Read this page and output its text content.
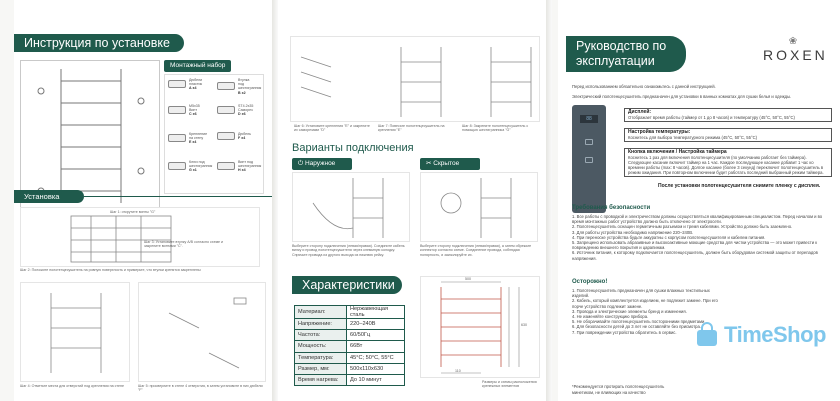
Инструкция по установке
Монтажный набор
Дюбели пластик
A x4
Втулка под шестигранник
B x2
M5x35 Винт
C x6
ST4.2x35 Саморез
D x6
Крепление на стену
E x4
Дюбель
F x4
Ключ под шестигранник
G x1
Винт под шестигранник
H x4
Установка
Шаг 1: открутите винты "G"
Шаг 3: Установите втулку A/B согласно схеме и закрепите винтами "C".
Шаг 2: Положите полотенцесушитель на ровную поверхность и примерьте, что втулки крепятся закреплены
Шаг 4: Отметьте места для отверстий под крепления на стене	Шаг 5: просверлите в стене 4 отверстия, в затем установите в них дюбели "F"
Шаг 6: Установите крепления "E" и закрепите их саморезами "D"
Шаг 7: Повесьте полотенцесушитель на крепления "E"
Шаг 8: Закрепите полотенцесушитель с помощью шестигранника "G"
Варианты подключения
⏻ Наружное	✂ Скрытое
Выберите сторону подключения (левая/правая). Соедините кабель вилку и провод полотенцесушителя через клеммную колодку. Спрячьте провода из другого выхода из нижнюю рейку.
Выберите сторону подключения (левая/правая), а затем обрежьте коннектор согласно схеме. Соединение провода, соблюдая полярность, и заизолируйте их.
Характеристики
Материал:	Нержавеющая сталь
Напряжение:	220–240В
Частота:	60/50Гц
Мощность:	66Вт
Температура:	45°C; 50°C, 55°C
Размер, мм:	500x110x630
Время нагрева:	До 10 минут
500
630
110
Размеры и схемы расположения крепежных элементов
Руководство по
эксплуатации
❀
ROXEN
Перед использованием обязательно ознакомьтесь с данной инструкцией.
Электрический полотенцесушитель предназначен для установки в ванных комнатах для сушки белья и одежды.
88
Дисплей:
Отображает время работы (таймер от 1 до 8 часов) и температуру (45°C, 50°C, 55°C)
Настройка температуры:
Коснитесь для выбора температурного режима (45°C, 50°C, 55°C)
Кнопка включения / Настройка таймера
Коснитесь 1 раз для включения полотенцесушителя (по умолчанию работает без таймера). Следующее касание включит таймер на 1 час. Каждое последующее касание добавит 1 час ко времени работы (max: 8 часов). Долгое касание (более 3 секунд) переключит полотенцесушитель в режим ожидания. При повторном включении будет работать последний выбранный режим таймера.
После установки полотенцесушителя снимите пленку с дисплея.
Требования безопасности
1. Все работы с проводкой и электричеством должны осуществляться квалифицированным специалистом. Перед началом и во время монтажных работ устройство должно быть отключено от электросети.
2. Полотенцесушитель оснащен герметичным разъемом и тремя кабелями. Устройство должно быть заземлено.
3. Для работы устройства необходимо напряжение 220–240В.
4. При переноске устройства будьте аккуратны с корпусом полотенцесушителя и кабелем питания.
5. Запрещено использовать абразивные и высокоактивные моющие средства для чистки устройства — это может привести к повреждению внешнего покрытия и царапинам.
6. Источник питания, к которому подключается полотенцесушитель, должен быть оборудован системой защиты от перепадов напряжения.
Осторожно!
1. Полотенцесушитель предназначен для сушки влажных текстильных изделий.
2. Кабель, который комплектуется изделием, не подлежит замене. При его порче устройство подлежит замене.
3. Провода и электрические элементы бренд и изменения.
4. Не изменяйте конструкцию прибора.
5. Не оборачивайте полотенцесушитель посторонними предметами.
6. Для безопасности детей до 3 лет не оставляйте без присмотра.
7. При повреждении устройства обратитесь в сервис.
*Рекомендуется протирать полотенцесушитель
минетиком, не влияющих на качество
TimeShop
